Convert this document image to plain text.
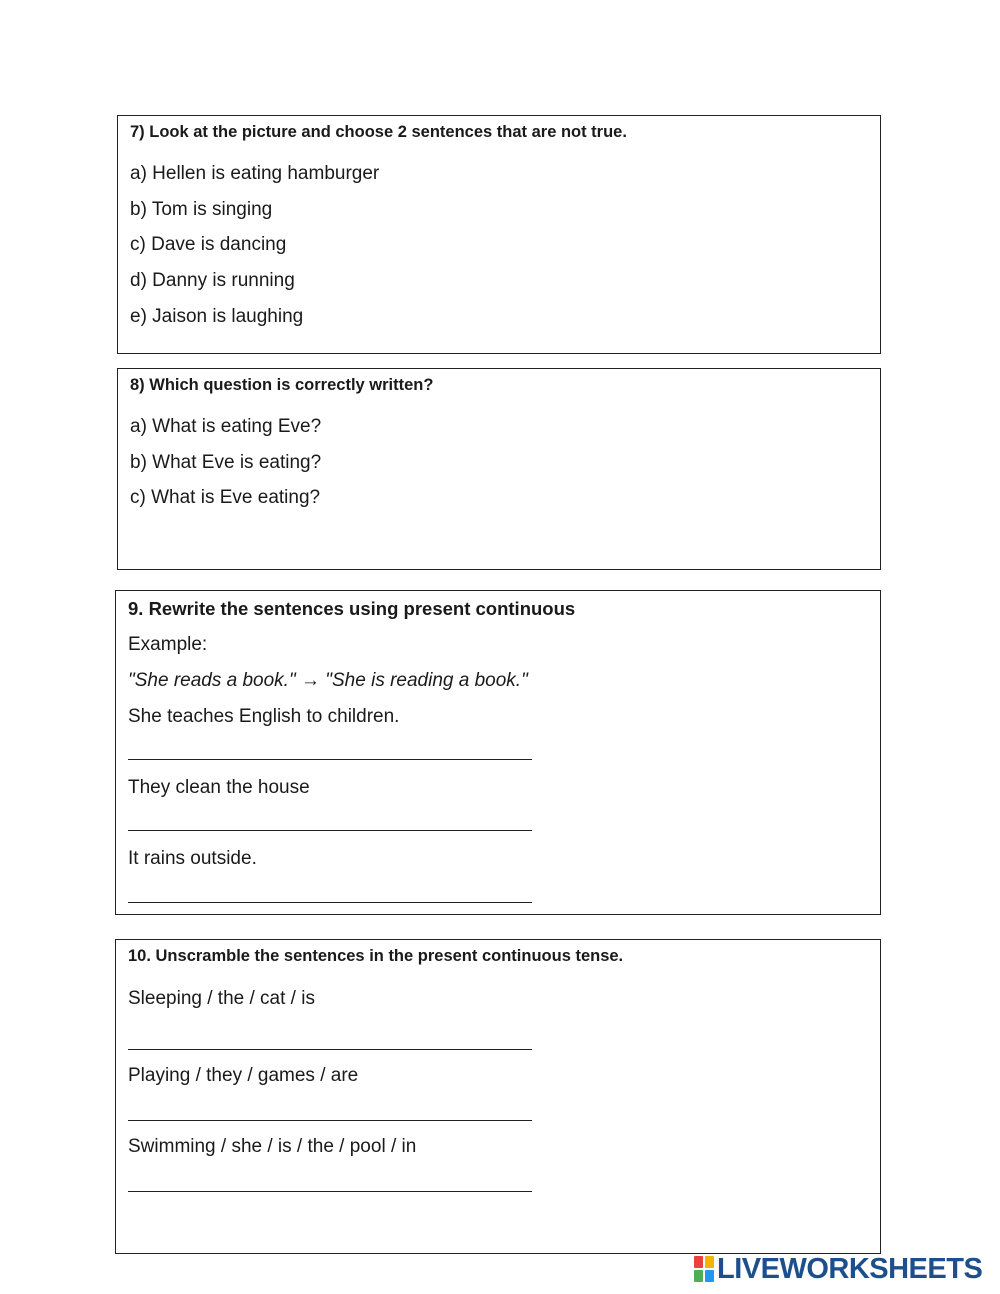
7) Look at the picture and choose 2 sentences that are not true.
a) Hellen is eating hamburger
b) Tom is singing
c) Dave is dancing
d) Danny is running
e) Jaison is laughing
8) Which question is correctly written?
a) What is eating Eve?
b) What Eve is eating?
c) What is Eve eating?
9. Rewrite the sentences using present continuous
Example:
"She reads a book." → "She is reading a book."
She teaches English to children.
They clean the house
It rains outside.
10. Unscramble the sentences in the present continuous tense.
Sleeping / the / cat / is
Playing / they / games / are
Swimming / she / is / the / pool / in
LIVEWORKSHEETS
